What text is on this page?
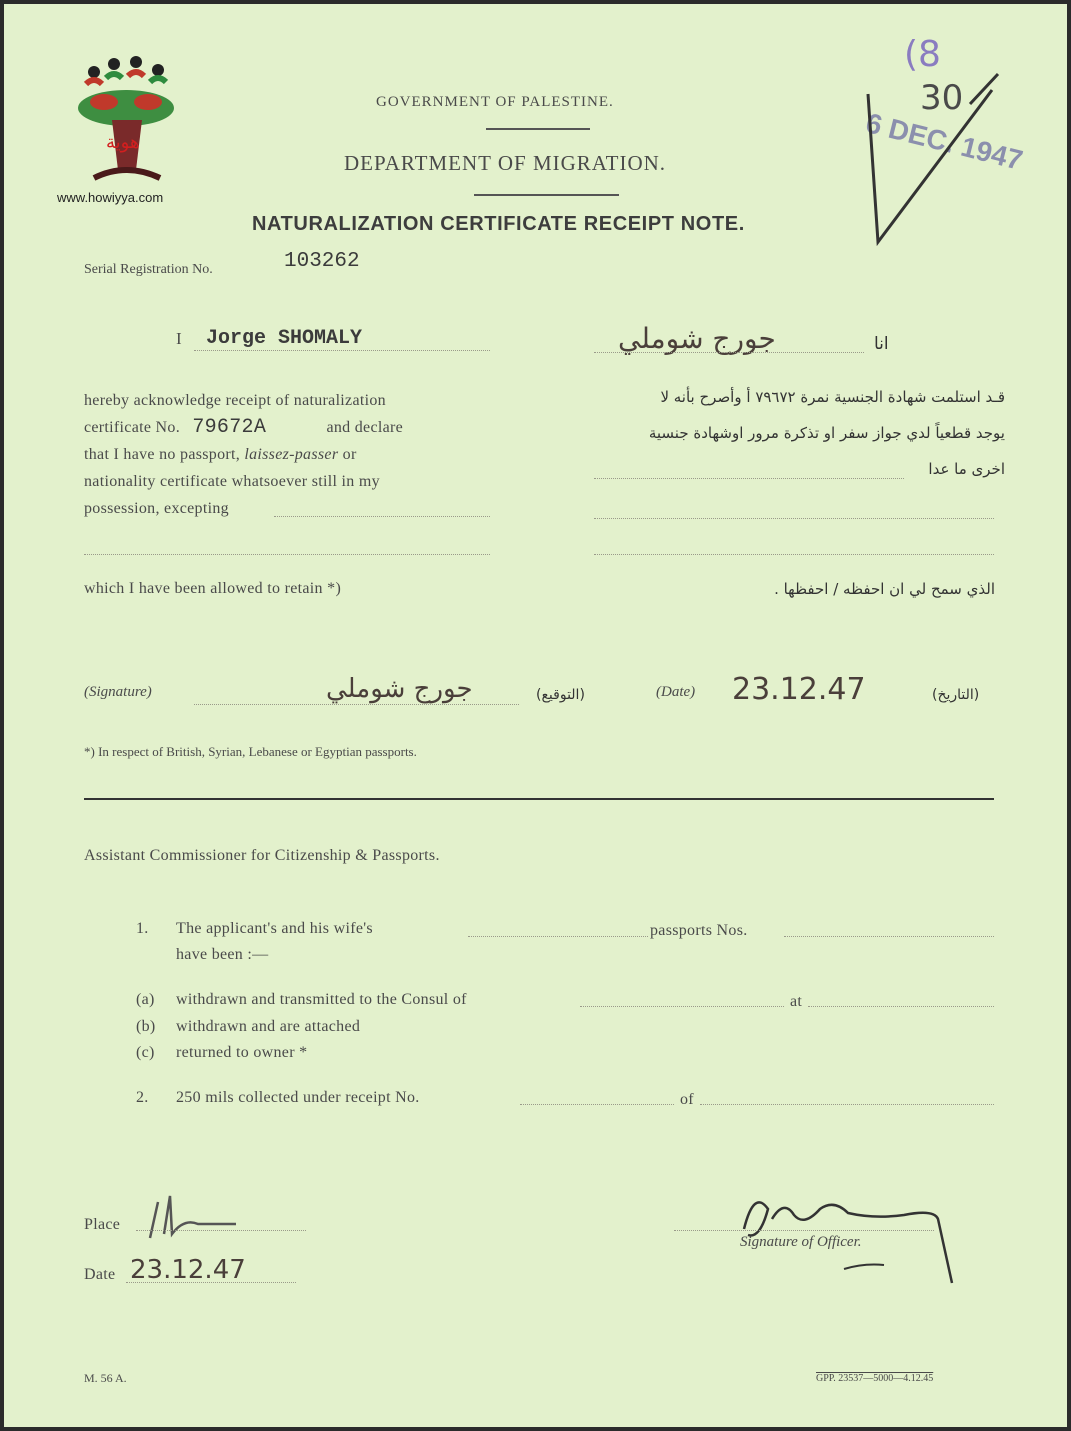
هوية
www.howiyya.com
GOVERNMENT OF PALESTINE.
DEPARTMENT OF MIGRATION.
NATURALIZATION CERTIFICATE RECEIPT NOTE.
(8
30
6 DEC. 1947
Serial Registration No.	103262
I Jorge SHOMALY	انا
جورج شوملي
hereby acknowledge receipt of naturalization
certificate No. 79672A	and declare
that I have no passport, laissez-passer or
nationality certificate whatsoever still in my
possession, excepting
قـد استلمت شهادة الجنسية نمرة ٧٩٦٧٢ أ وأصرح بأنه لا
يوجد قطعياً لدي جواز سفر او تذكرة مرور اوشهادة جنسية
اخرى ما عدا
which I have been allowed to retain *)	الذي سمح لي ان احفظه / احفظها .
(Signature)	جورج شوملي	(التوقيع)	(Date) 23.12.47	(التاريخ)
*) In respect of British, Syrian, Lebanese or Egyptian passports.
Assistant Commissioner for Citizenship & Passports.
1. The applicant's and his wife's	passports Nos.
have been :—
(a) withdrawn and transmitted to the Consul of	at
(b) withdrawn and are attached
(c) returned to owner *
2. 250 mils collected under receipt No.	of
Place
Date 23.12.47
Signature of Officer.
M. 56 A.	GPP. 23537—5000—4.12.45
